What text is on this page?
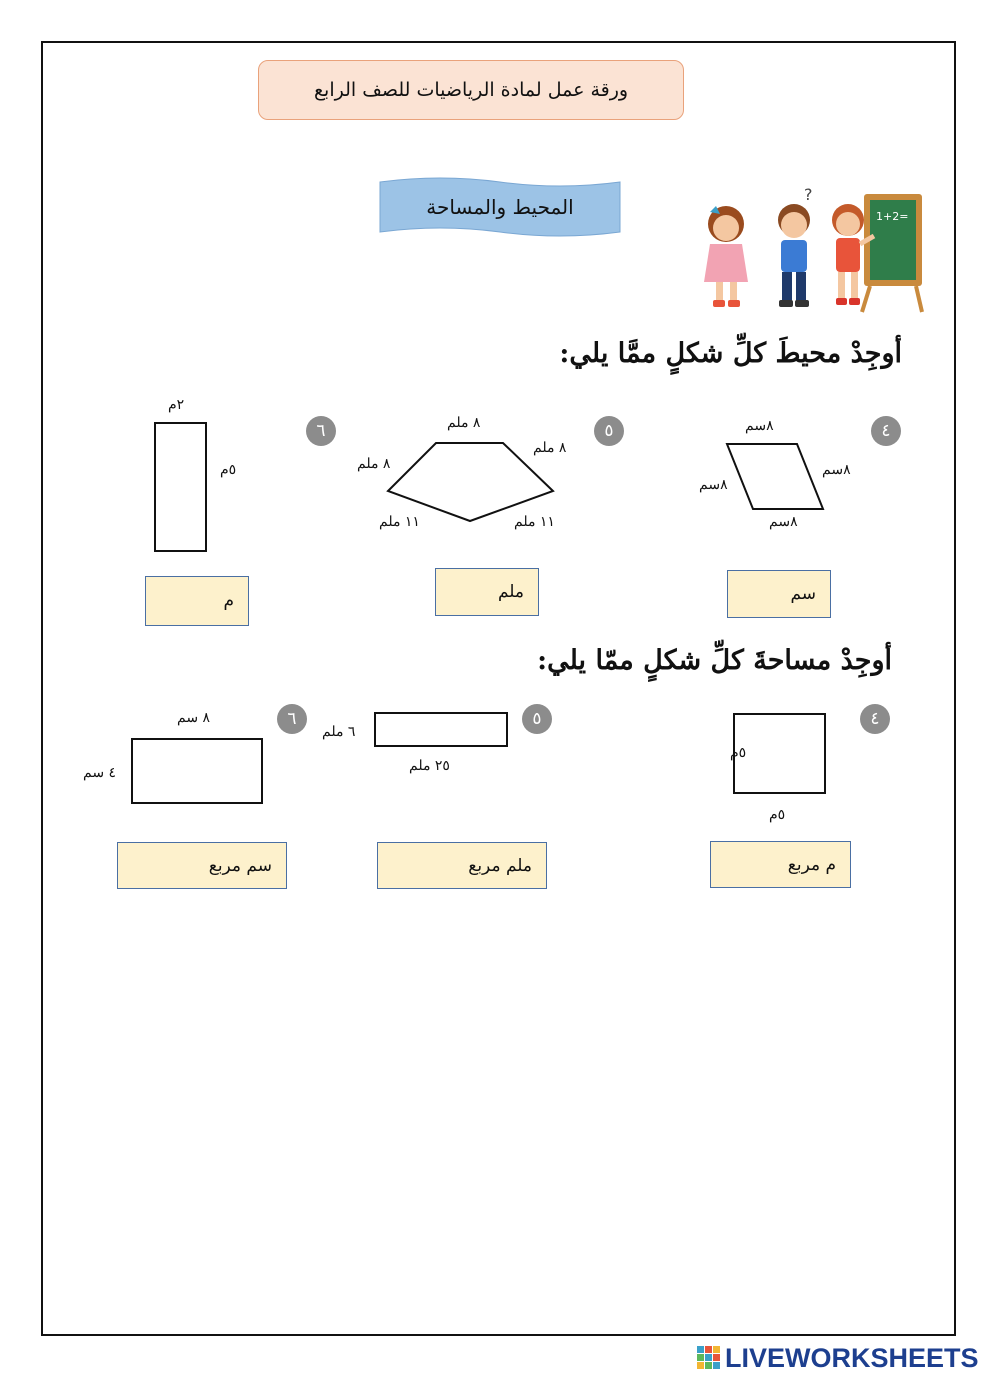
ورقة عمل لمادة الرياضيات للصف الرابع
المحيط والمساحة	1+2=
?
أوجِدْ محيطَ كلِّ شكلٍ ممَّا يلي:
٤
٨سم
٨سم
٨سم
٨سم
سم
٥
٨ ملم
٨ ملم
٨ ملم
١١ ملم	١١ ملم
ملم
٦
٢م
٥م
م
أوجِدْ مساحةَ كلِّ شكلٍ ممّا يلي:
٤
٥م
٥م
م مربع
٥
٦ ملم
٢٥ ملم
ملم مربع
٦
٨ سم
٤ سم
سم مربع
LIVEWORKSHEETS
